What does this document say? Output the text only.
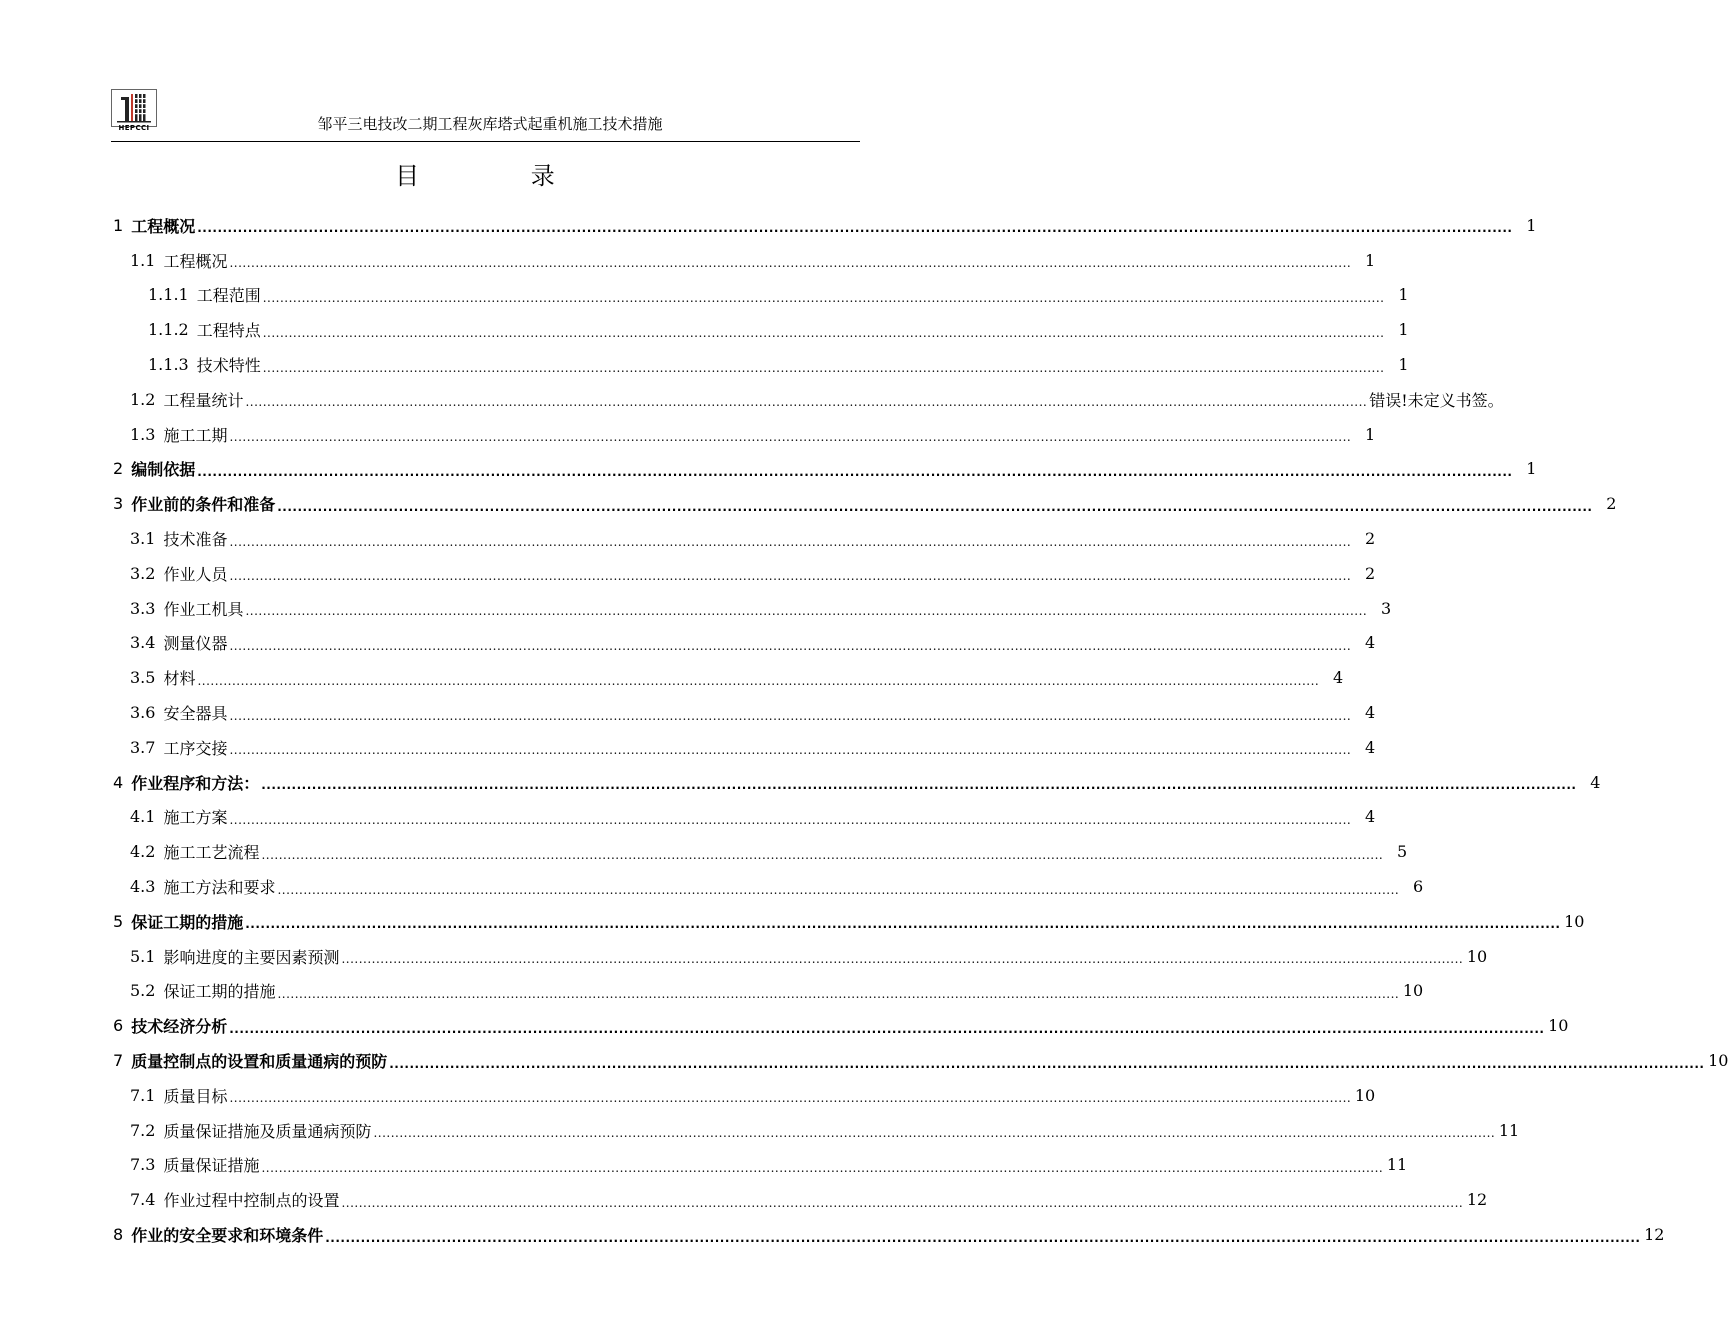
HEPCCI	邹平三电技改二期工程灰库塔式起重机施工技术措施
目 录
1 工程概况 .................................................................................................................................................................................................................................................................... 1
1.1 工程概况 .................................................................................................................................................................................................................................................................... 1
1.1.1 工程范围 .................................................................................................................................................................................................................................................................... 1
1.1.2 工程特点 .................................................................................................................................................................................................................................................................... 1
1.1.3 技术特性 .................................................................................................................................................................................................................................................................... 1
1.2 工程量统计 .................................................................................................................................................................................................................................................................... 错误!未定义书签。
1.3 施工工期 .................................................................................................................................................................................................................................................................... 1
2 编制依据 .................................................................................................................................................................................................................................................................... 1
3 作业前的条件和准备 .................................................................................................................................................................................................................................................................... 2
3.1 技术准备 .................................................................................................................................................................................................................................................................... 2
3.2 作业人员 .................................................................................................................................................................................................................................................................... 2
3.3 作业工机具 .................................................................................................................................................................................................................................................................... 3
3.4 测量仪器 .................................................................................................................................................................................................................................................................... 4
3.5 材料 .................................................................................................................................................................................................................................................................... 4
3.6 安全器具 .................................................................................................................................................................................................................................................................... 4
3.7 工序交接 .................................................................................................................................................................................................................................................................... 4
4 作业程序和方法： .................................................................................................................................................................................................................................................................... 4
4.1 施工方案 .................................................................................................................................................................................................................................................................... 4
4.2 施工工艺流程 .................................................................................................................................................................................................................................................................... 5
4.3 施工方法和要求 .................................................................................................................................................................................................................................................................... 6
5 保证工期的措施 .................................................................................................................................................................................................................................................................... 10
5.1 影响进度的主要因素预测 .................................................................................................................................................................................................................................................................... 10
5.2 保证工期的措施 .................................................................................................................................................................................................................................................................... 10
6 技术经济分析 .................................................................................................................................................................................................................................................................... 10
7 质量控制点的设置和质量通病的预防 .................................................................................................................................................................................................................................................................... 10
7.1 质量目标 .................................................................................................................................................................................................................................................................... 10
7.2 质量保证措施及质量通病预防 .................................................................................................................................................................................................................................................................... 11
7.3 质量保证措施 .................................................................................................................................................................................................................................................................... 11
7.4 作业过程中控制点的设置 .................................................................................................................................................................................................................................................................... 12
8 作业的安全要求和环境条件 .................................................................................................................................................................................................................................................................... 12
